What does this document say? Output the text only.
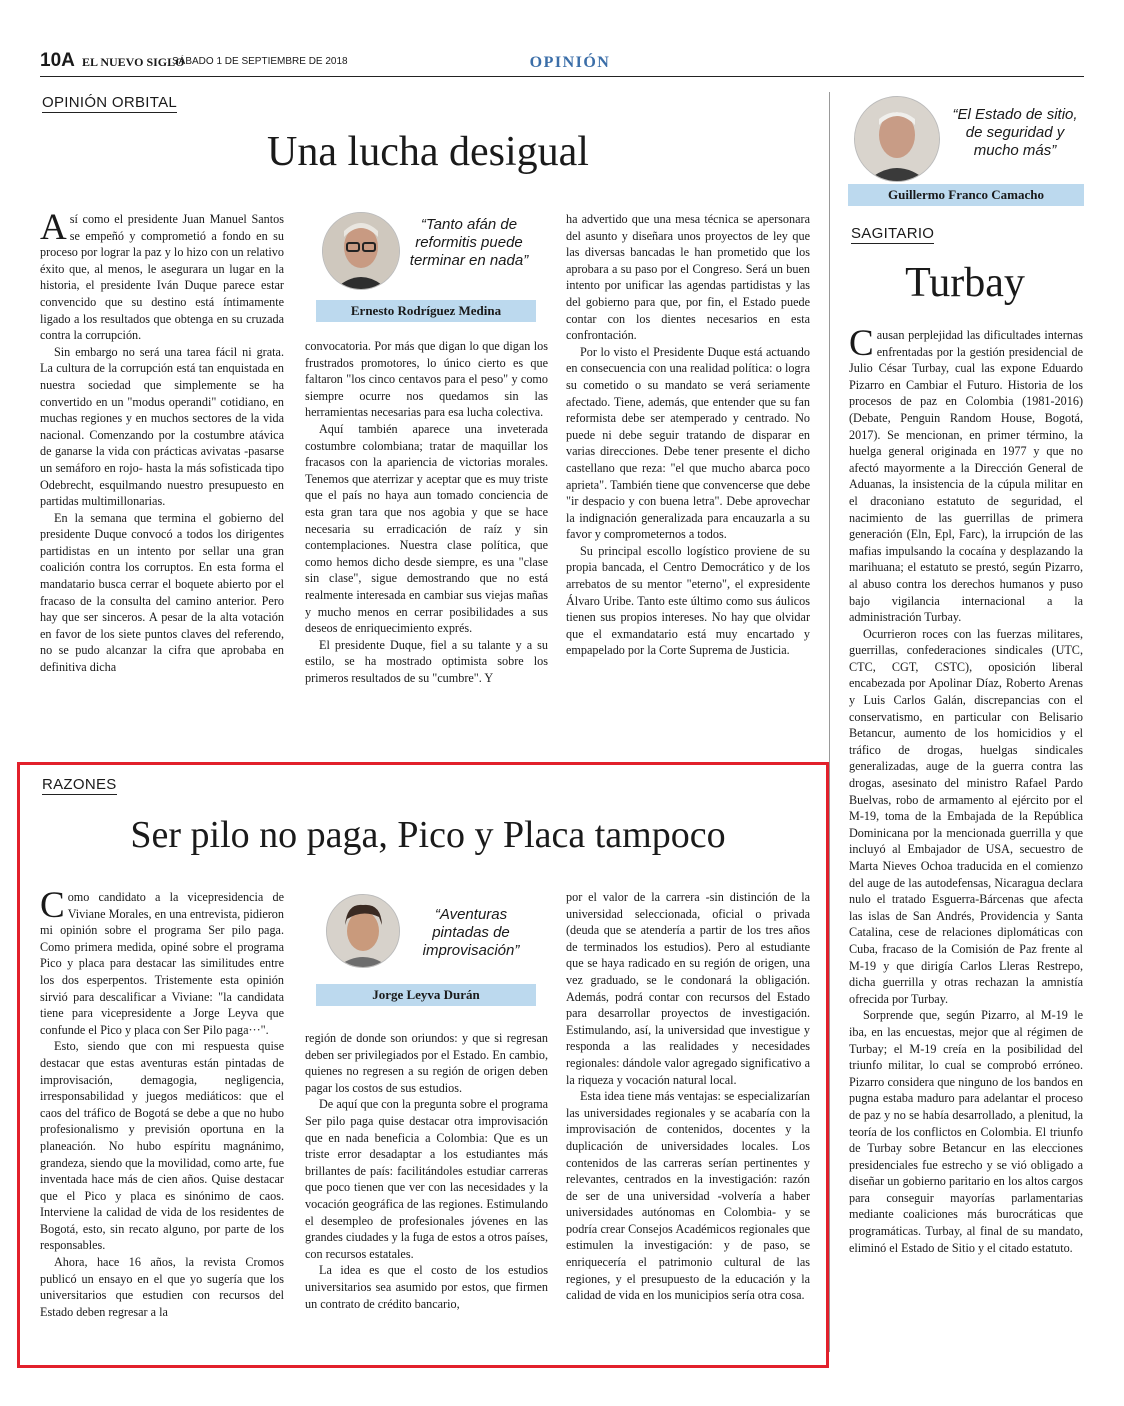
10A EL NUEVO SIGLO
SÁBADO 1 DE SEPTIEMBRE DE 2018	OPINIÓN
OPINIÓN ORBITAL
Una lucha desigual

Así como el presidente Juan Manuel Santos se empeñó y comprometió a fondo en su proceso por lograr la paz y lo hizo con un relativo éxito que, al menos, le asegurara un lugar en la historia, el presidente Iván Duque parece estar convencido que su destino está íntimamente ligado a los resultados que obtenga en su cruzada contra la corrupción.

Sin embargo no será una tarea fácil ni grata. La cultura de la corrupción está tan enquistada en nuestra sociedad que simplemente se ha convertido en un "modus operandi" cotidiano, en muchas regiones y en muchos sectores de la vida nacional. Comenzando por la costumbre atávica de ganarse la vida con prácticas avivatas -pasarse un semáforo en rojo- hasta la más sofisticada tipo Odebrecht, esquilmando nuestro presupuesto en partidas multimillonarias.

En la semana que termina el gobierno del presidente Duque convocó a todos los dirigentes partidistas en un intento por sellar una gran coalición contra los corruptos. En esta forma el mandatario busca cerrar el boquete abierto por el fracaso de la consulta del camino anterior. Pero hay que ser sinceros. A pesar de la alta votación en favor de los siete puntos claves del referendo, no se pudo alcanzar la cifra que aprobaba en definitiva dicha

“Tanto afán de reformitis puede terminar en nada”
Ernesto Rodríguez Medina

convocatoria. Por más que digan lo que digan los frustrados promotores, lo único cierto es que faltaron "los cinco centavos para el peso" y como siempre ocurre nos quedamos sin las herramientas necesarias para esa lucha colectiva.

Aquí también aparece una inveterada costumbre colombiana; tratar de maquillar los fracasos con la apariencia de victorias morales. Tenemos que aterrizar y aceptar que es muy triste que el país no haya aun tomado conciencia de esta gran tara que nos agobia y que se hace necesaria su erradicación de raíz y sin contemplaciones. Nuestra clase política, que como hemos dicho desde siempre, es una "clase sin clase", sigue demostrando que no está realmente interesada en cambiar sus viejas mañas y mucho menos en cerrar posibilidades a sus deseos de enriquecimiento exprés.

El presidente Duque, fiel a su talante y a su estilo, se ha mostrado optimista sobre los primeros resultados de su "cumbre". Y

ha advertido que una mesa técnica se apersonara del asunto y diseñara unos proyectos de ley que las diversas bancadas le han prometido que los aprobara a su paso por el Congreso. Será un buen intento por unificar las agendas partidistas y las del gobierno para que, por fin, el Estado puede contar con los dientes necesarios en esta confrontación.

Por lo visto el Presidente Duque está actuando en consecuencia con una realidad política: o logra su cometido o su mandato se verá seriamente afectado. Tiene, además, que entender que su fan reformista debe ser atemperado y centrado. No puede ni debe seguir tratando de disparar en varias direcciones. Debe tener presente el dicho castellano que reza: "el que mucho abarca poco aprieta". También tiene que convencerse que debe "ir despacio y con buena letra". Debe aprovechar la indignación generalizada para encauzarla a su favor y comprometernos a todos.

Su principal escollo logístico proviene de su propia bancada, el Centro Democrático y de los arrebatos de su mentor "eterno", el expresidente Álvaro Uribe. Tanto este último como sus áulicos tienen sus propios intereses. No hay que olvidar que el exmandatario está muy encartado y empapelado por la Corte Suprema de Justicia.

RAZONES
Ser pilo no paga, Pico y Placa tampoco

Como candidato a la vicepresidencia de Viviane Morales, en una entrevista, pidieron mi opinión sobre el programa Ser pilo paga. Como primera medida, opiné sobre el programa Pico y placa para destacar las similitudes entre los dos esperpentos. Tristemente esta opinión sirvió para descalificar a Viviane: "la candidata tiene para vicepresidente a Jorge Leyva que confunde el Pico y placa con Ser Pilo paga···".

Esto, siendo que con mi respuesta quise destacar que estas aventuras están pintadas de improvisación, demagogia, negligencia, irresponsabilidad y juegos mediáticos: que el caos del tráfico de Bogotá se debe a que no hubo profesionalismo y previsión oportuna en la planeación. No hubo espíritu magnánimo, grandeza, siendo que la movilidad, como arte, fue inventada hace más de cien años. Quise destacar que el Pico y placa es sinónimo de caos. Interviene la calidad de vida de los residentes de Bogotá, esto, sin recato alguno, por parte de los responsables.

Ahora, hace 16 años, la revista Cromos publicó un ensayo en el que yo sugería que los universitarios que estudien con recursos del Estado deben regresar a la

“Aventuras pintadas de improvisación”
Jorge Leyva Durán

región de donde son oriundos: y que si regresan deben ser privilegiados por el Estado. En cambio, quienes no regresen a su región de origen deben pagar los costos de sus estudios.

De aquí que con la pregunta sobre el programa Ser pilo paga quise destacar otra improvisación que en nada beneficia a Colombia: Que es un triste error desadaptar a los estudiantes más brillantes de país: facilitándoles estudiar carreras que poco tienen que ver con las necesidades y la vocación geográfica de las regiones. Estimulando el desempleo de profesionales jóvenes en las grandes ciudades y la fuga de estos a otros países, con recursos estatales.

La idea es que el costo de los estudios universitarios sea asumido por estos, que firmen un contrato de crédito bancario,

por el valor de la carrera -sin distinción de la universidad seleccionada, oficial o privada (deuda que se atendería a partir de los tres años de terminados los estudios). Pero al estudiante que se haya radicado en su región de origen, una vez graduado, se le condonará la obligación. Además, podrá contar con recursos del Estado para desarrollar proyectos de investigación. Estimulando, así, la universidad que investigue y responda a las realidades y necesidades regionales: dándole valor agregado significativo a la riqueza y vocación natural local.

Esta idea tiene más ventajas: se especializarían las universidades regionales y se acabaría con la improvisación de contenidos, docentes y la duplicación de universidades locales. Los contenidos de las carreras serían pertinentes y relevantes, centrados en la investigación: razón de ser de una universidad -volvería a haber universidades autónomas en Colombia- y se podría crear Consejos Académicos regionales que estimulen la investigación: y de paso, se enriquecería el patrimonio cultural de las regiones, y el presupuesto de la educación y la calidad de vida en los municipios sería otra cosa.

“El Estado de sitio, de seguridad y mucho más”
Guillermo Franco Camacho
SAGITARIO
Turbay

Causan perplejidad las dificultades internas enfrentadas por la gestión presidencial de Julio César Turbay, cual las expone Eduardo Pizarro en Cambiar el Futuro. Historia de los procesos de paz en Colombia (1981-2016) (Debate, Penguin Random House, Bogotá, 2017). Se mencionan, en primer término, la huelga general originada en 1977 y que no afectó mayormente a la Dirección General de Aduanas, la insistencia de la cúpula militar en el draconiano estatuto de seguridad, el nacimiento de las guerrillas de primera generación (Eln, Epl, Farc), la irrupción de las mafias impulsando la cocaína y desplazando la marihuana; el estatuto se prestó, según Pizarro, al abuso contra los derechos humanos y puso bajo vigilancia internacional a la administración Turbay.

Ocurrieron roces con las fuerzas militares, guerrillas, confederaciones sindicales (UTC, CTC, CGT, CSTC), oposición liberal encabezada por Apolinar Díaz, Roberto Arenas y Luis Carlos Galán, discrepancias con el conservatismo, en particular con Belisario Betancur, aumento de los homicidios y el tráfico de drogas, huelgas sindicales generalizadas, auge de la guerra contra las drogas, asesinato del ministro Rafael Pardo Buelvas, robo de armamento al ejército por el M-19, toma de la Embajada de la República Dominicana por la mencionada guerrilla y que incluyó al Embajador de USA, secuestro de Marta Nieves Ochoa traducida en el comienzo del auge de las autodefensas, Nicaragua declara nulo el tratado Esguerra-Bárcenas que afecta las islas de San Andrés, Providencia y Santa Catalina, cese de relaciones diplomáticas con Cuba, fracaso de la Comisión de Paz frente al M-19 y que dirigía Carlos Lleras Restrepo, dicha guerrilla y otras rechazan la amnistía ofrecida por Turbay.

Sorprende que, según Pizarro, al M-19 le iba, en las encuestas, mejor que al régimen de Turbay; el M-19 creía en la posibilidad del triunfo militar, lo cual se comprobó erróneo. Pizarro considera que ninguno de los bandos en pugna estaba maduro para adelantar el proceso de paz y no se había desarrollado, a plenitud, la teoría de los conflictos en Colombia. El triunfo de Turbay sobre Betancur en las elecciones presidenciales fue estrecho y se vió obligado a diseñar un gobierno paritario en los altos cargos para conseguir mayorías parlamentarias mediante coaliciones más burocráticas que programáticas. Turbay, al final de su mandato, eliminó el Estado de Sitio y el citado estatuto.
